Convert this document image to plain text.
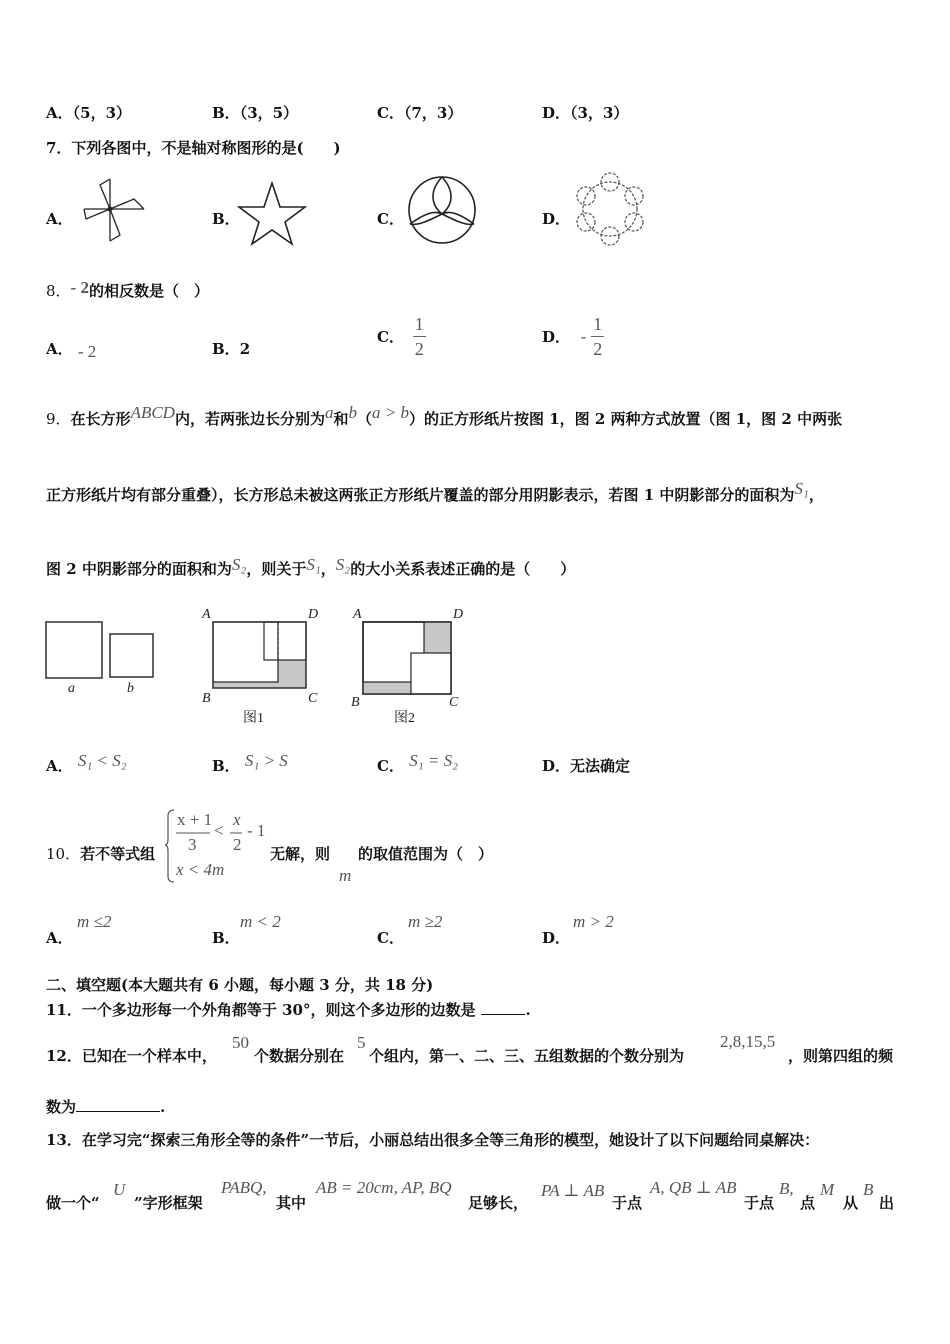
A．（5，3）	B．（3，5）	C．（7，3）	D．（3，3）
7．下列各图中，不是轴对称图形的是(　　)
A．	B．	C．	D．
8．- 2的相反数是（　）
A． - 2	B．2
C． $\frac{1}{2}$	D． - $\frac{1}{2}$
9．在长方形ABCD内，若两张边长分别为a和b（a > b）的正方形纸片按图 1，图 2 两种方式放置（图 1，图 2 中两张
正方形纸片均有部分重叠），长方形总未被这两张正方形纸片覆盖的部分用阴影表示，若图 1 中阴影部分的面积为S₁，
图 2 中阴影部分的面积和为S₂，则关于S₁，S₂的大小关系表述正确的是（　　）
a	b
A	D
B	C
图1
A	D
B	C
图2
A． S₁ < S₂	B． S₁ > S	C． S₁ = S₂	D．无法确定
10．若不等式组
x + 1
3
<
x
2
- 1
x < 4m
无解，则
m
的取值范围为（　）
A．
m ≤2
B．
m < 2
C．
m ≥2
D．
m > 2
二、填空题(本大题共有 6 小题，每小题 3 分，共 18 分)
11．一个多边形每一个外角都等于 30°，则这个多边形的边数是	.
12．已知在一个样本中，
50
个数据分别在
5
个组内，第一、二、三、五组数据的个数分别为
2,8,15,5
，则第四组的频
数为	.
13．在学习完“探索三角形全等的条件”一节后，小丽总结出很多全等三角形的模型，她设计了以下问题给同桌解决：
做一个“
U
”字形框架
PABQ,
其中
AB = 20cm, AP, BQ
足够长，
PA ⊥ AB
于点
A, QB ⊥ AB
于点
B,
点
M
从
B
出
